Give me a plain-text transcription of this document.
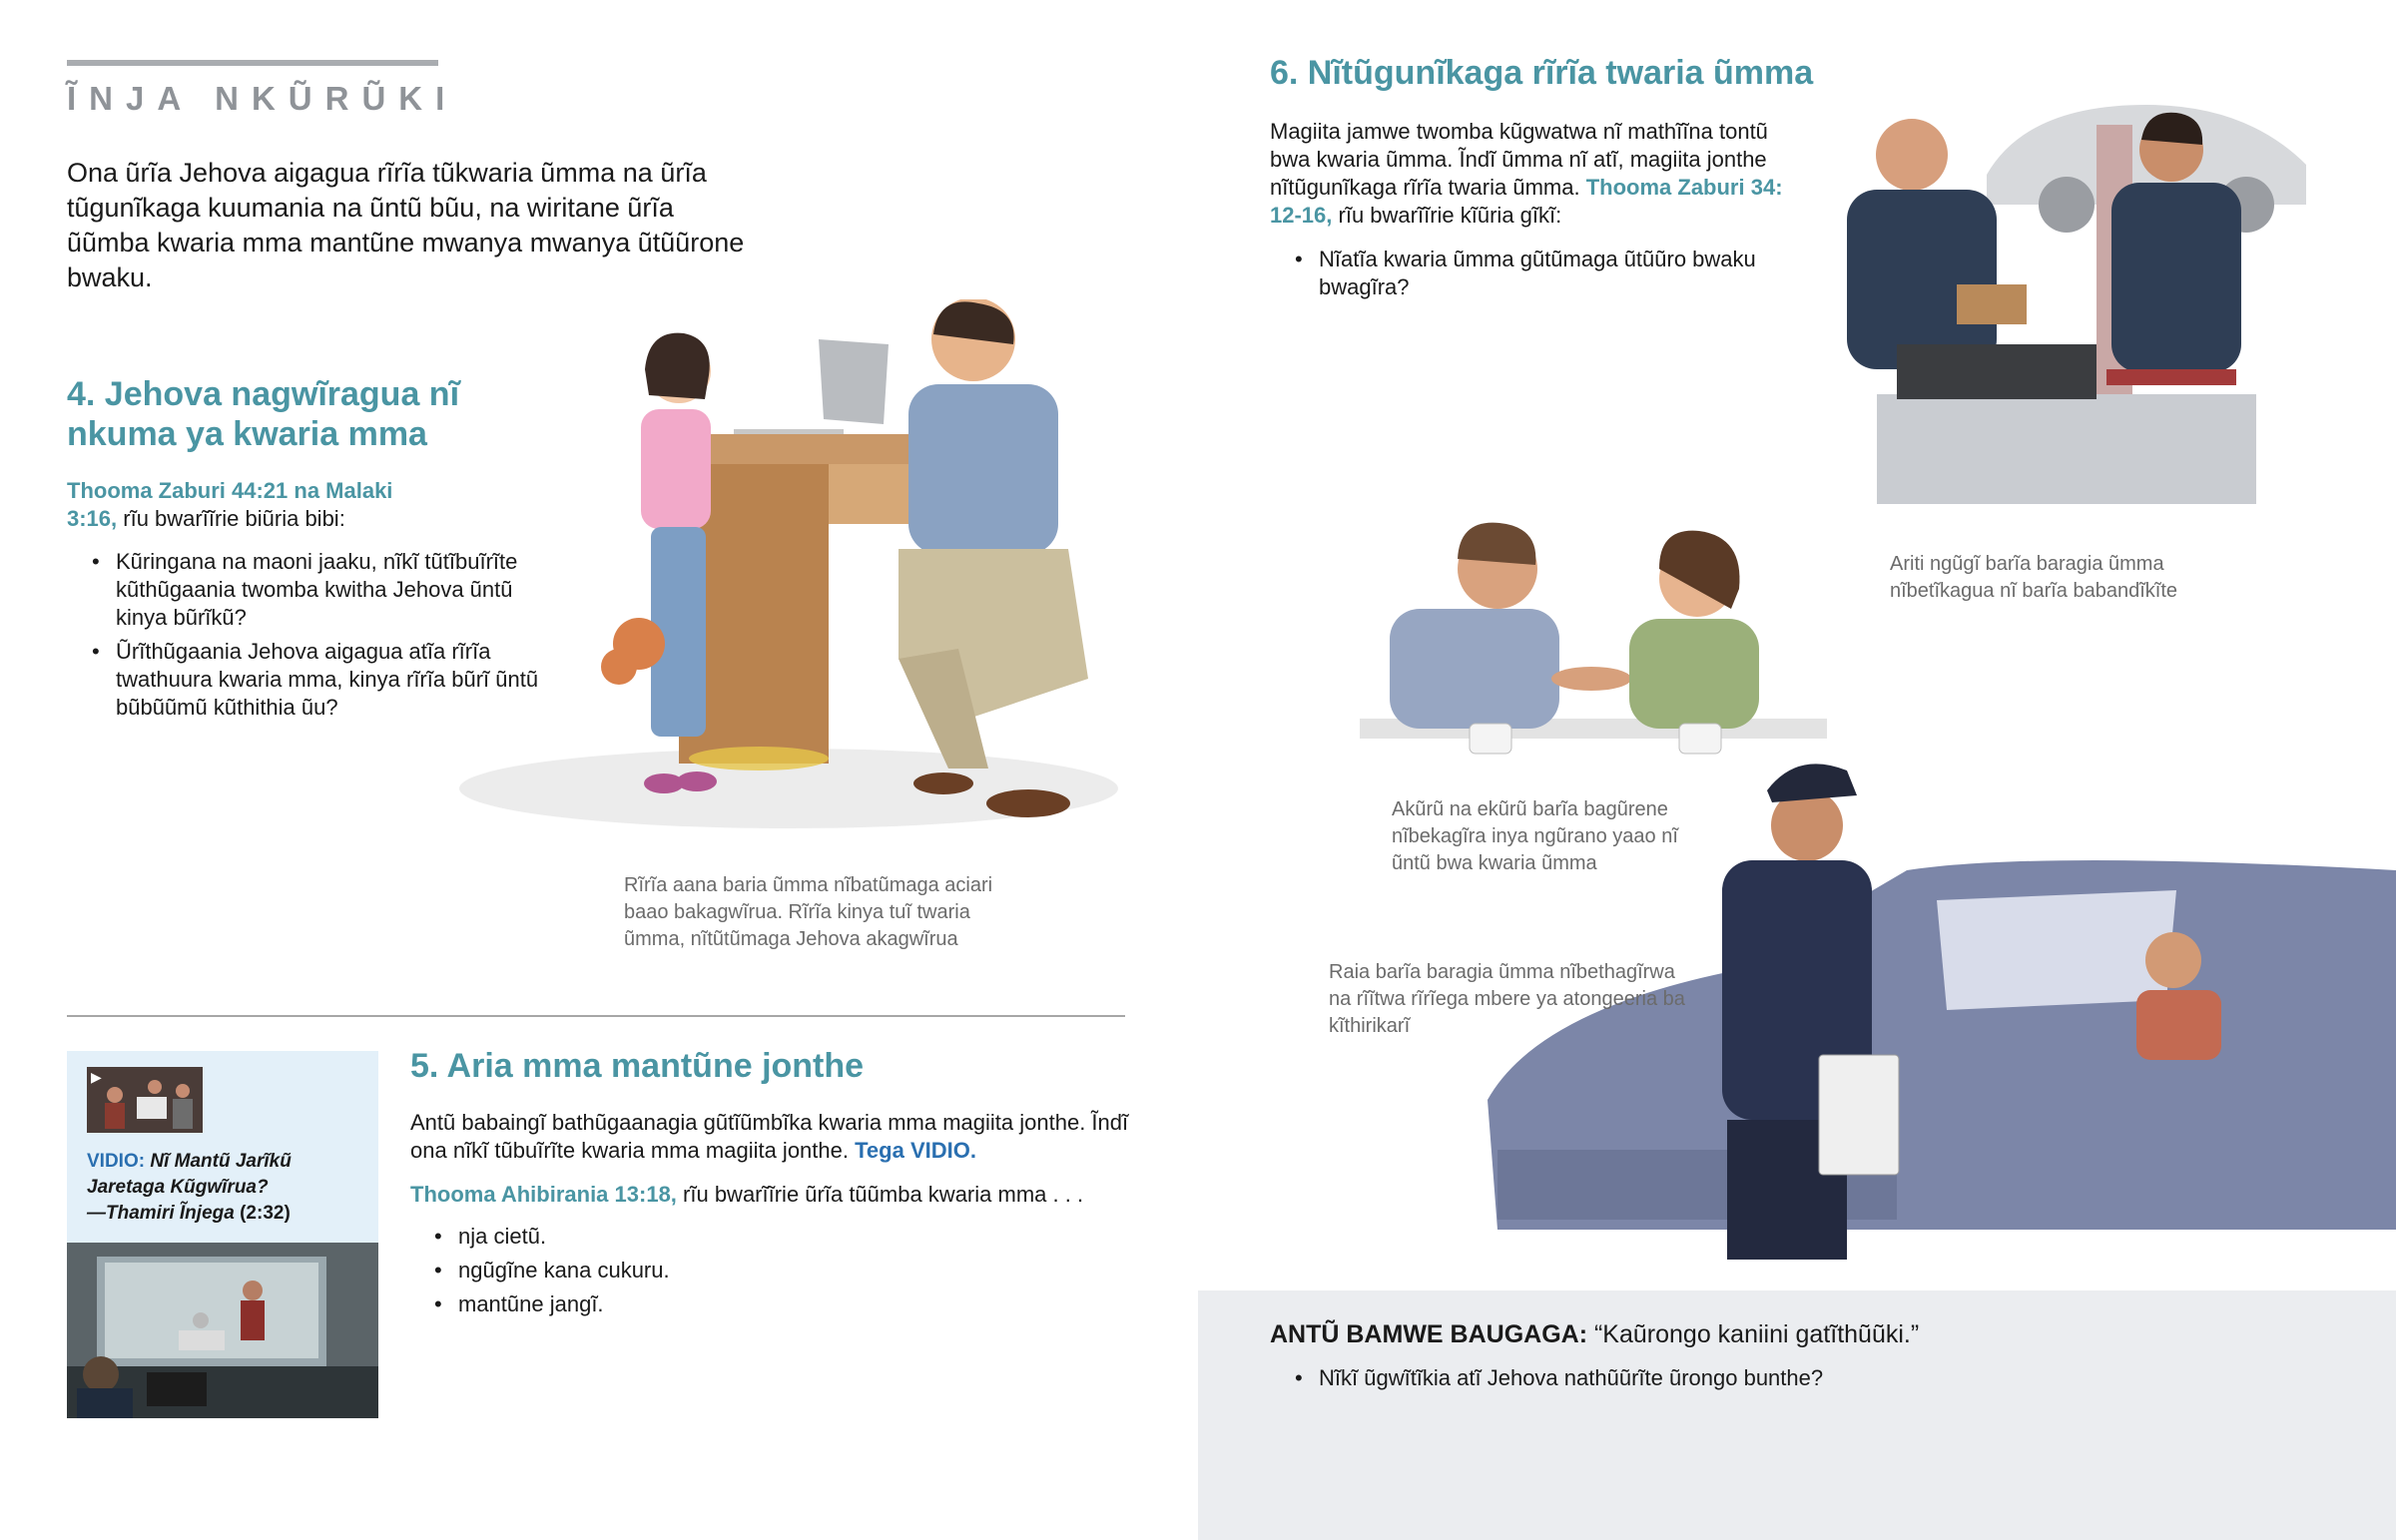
ĨNJA NKŨRŨKI
Ona ũrĩa Jehova aigagua rĩrĩa tũkwaria ũmma na ũrĩa tũgunĩkaga kuumania na ũntũ bũu, na wiritane ũrĩa ũũmba kwaria mma mantũne mwanya mwanya ũtũũrone bwaku.
4. Jehova nagwĩragua nĩ nkuma ya kwaria mma
Thooma Zaburi 44:21 na Malaki 3:16, rĩu bwarĩĩrie biũria bibi:
• Kũringana na maoni jaaku, nĩkĩ tũtĩbuĩrĩte kũthũgaania twomba kwitha Jehova ũntũ kinya bũrĩkũ?
• Ũrĩthũgaania Jehova aigagua atĩa rĩrĩa twathuura kwaria mma, kinya rĩrĩa bũrĩ ũntũ bũbũũmũ kũthithia ũu?
Rĩrĩa aana baria ũmma nĩbatũmaga aciari baao bakagwĩrua. Rĩrĩa kinya tuĩ twaria ũmma, nĩtũtũmaga Jehova akagwĩrua
▶
VIDIO: Nĩ Mantũ Jarĩkũ Jaretaga Kũgwĩrua?
—Thamiri Ĩnjega (2:32)
5. Aria mma mantũne jonthe
Antũ babaingĩ bathũgaanagia gũtĩũmbĩka kwaria mma magiita jonthe. Ĩndĩ ona nĩkĩ tũbuĩrĩte kwaria mma magiita jonthe. Tega VIDIO.
Thooma Ahibirania 13:18, rĩu bwarĩĩrie ũrĩa tũũmba kwaria mma . . .
• nja cietũ.
• ngũgĩne kana cukuru.
• mantũne jangĩ.
6. Nĩtũgunĩkaga rĩrĩa twaria ũmma
Magiita jamwe twomba kũgwatwa nĩ mathĩĩna tontũ bwa kwaria ũmma. Ĩndĩ ũmma nĩ atĩ, magiita jonthe nĩtũgunĩkaga rĩrĩa twaria ũmma. Thooma Zaburi 34: 12-16, rĩu bwarĩĩrie kĩũria gĩkĩ:
• Nĩatĩa kwaria ũmma gũtũmaga ũtũũro bwaku bwagĩra?
Ariti ngũgĩ barĩa baragia ũmma nĩbetĩkagua nĩ barĩa babandĩkĩte
Akũrũ na ekũrũ barĩa bagũrene nĩbekagĩra inya ngũrano yaao nĩ ũntũ bwa kwaria ũmma
Raia barĩa baragia ũmma nĩbethagĩrwa na rĩĩtwa rĩrĩega mbere ya atongeeria ba kĩthirikarĩ
ANTŨ BAMWE BAUGAGA: “Kaũrongo kaniini gatĩthũũki.”
• Nĩkĩ ũgwĩtĩkia atĩ Jehova nathũũrĩte ũrongo bunthe?
